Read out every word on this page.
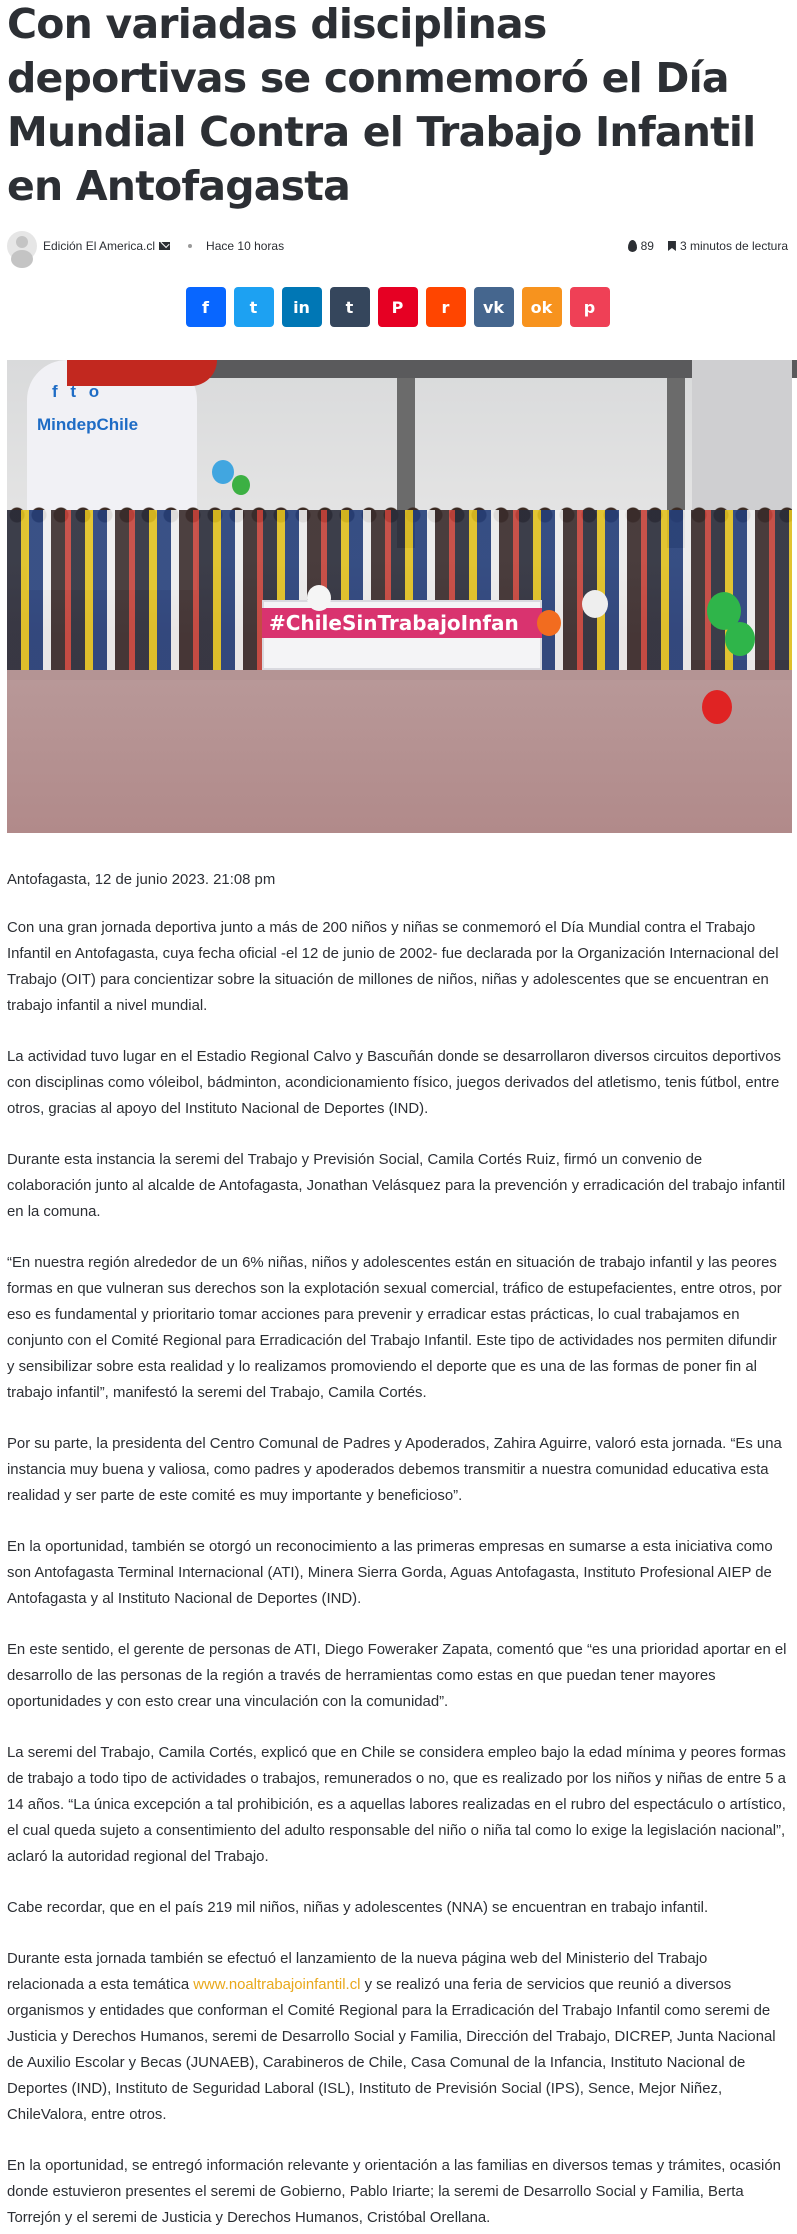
Con variadas disciplinas deportivas se conmemoró el Día Mundial Contra el Trabajo Infantil en Antofagasta
Edición El America.cl	Hace 10 horas	89 3 minutos de lectura
f	t in t P r vk ok p
f t o
MindepChile
#ChileSinTrabajoInfan

Antofagasta, 12 de junio 2023. 21:08 pm

Con una gran jornada deportiva junto a más de 200 niños y niñas se conmemoró el Día Mundial contra el Trabajo Infantil en Antofagasta, cuya fecha oficial -el 12 de junio de 2002- fue declarada por la Organización Internacional del Trabajo (OIT) para concientizar sobre la situación de millones de niños, niñas y adolescentes que se encuentran en trabajo infantil a nivel mundial.

La actividad tuvo lugar en el Estadio Regional Calvo y Bascuñán donde se desarrollaron diversos circuitos deportivos con disciplinas como vóleibol, bádminton, acondicionamiento físico, juegos derivados del atletismo, tenis fútbol, entre otros, gracias al apoyo del Instituto Nacional de Deportes (IND).

Durante esta instancia la seremi del Trabajo y Previsión Social, Camila Cortés Ruiz, firmó un convenio de colaboración junto al alcalde de Antofagasta, Jonathan Velásquez para la prevención y erradicación del trabajo infantil en la comuna.

“En nuestra región alrededor de un 6% niñas, niños y adolescentes están en situación de trabajo infantil y las peores formas en que vulneran sus derechos son la explotación sexual comercial, tráfico de estupefacientes, entre otros, por eso es fundamental y prioritario tomar acciones para prevenir y erradicar estas prácticas, lo cual trabajamos en conjunto con el Comité Regional para Erradicación del Trabajo Infantil. Este tipo de actividades nos permiten difundir y sensibilizar sobre esta realidad y lo realizamos promoviendo el deporte que es una de las formas de poner fin al trabajo infantil”, manifestó la seremi del Trabajo, Camila Cortés.

Por su parte, la presidenta del Centro Comunal de Padres y Apoderados, Zahira Aguirre, valoró esta jornada. “Es una instancia muy buena y valiosa, como padres y apoderados debemos transmitir a nuestra comunidad educativa esta realidad y ser parte de este comité es muy importante y beneficioso”.

En la oportunidad, también se otorgó un reconocimiento a las primeras empresas en sumarse a esta iniciativa como son Antofagasta Terminal Internacional (ATI), Minera Sierra Gorda, Aguas Antofagasta, Instituto Profesional AIEP de Antofagasta y al Instituto Nacional de Deportes (IND).

En este sentido, el gerente de personas de ATI, Diego Foweraker Zapata, comentó que “es una prioridad aportar en el desarrollo de las personas de la región a través de herramientas como estas en que puedan tener mayores oportunidades y con esto crear una vinculación con la comunidad”.

La seremi del Trabajo, Camila Cortés, explicó que en Chile se considera empleo bajo la edad mínima y peores formas de trabajo a todo tipo de actividades o trabajos, remunerados o no, que es realizado por los niños y niñas de entre 5 a 14 años. “La única excepción a tal prohibición, es a aquellas labores realizadas en el rubro del espectáculo o artístico, el cual queda sujeto a consentimiento del adulto responsable del niño o niña tal como lo exige la legislación nacional”, aclaró la autoridad regional del Trabajo.

Cabe recordar, que en el país 219 mil niños, niñas y adolescentes (NNA) se encuentran en trabajo infantil.

Durante esta jornada también se efectuó el lanzamiento de la nueva página web del Ministerio del Trabajo relacionada a esta temática www.noaltrabajoinfantil.cl y se realizó una feria de servicios que reunió a diversos organismos y entidades que conforman el Comité Regional para la Erradicación del Trabajo Infantil como seremi de Justicia y Derechos Humanos, seremi de Desarrollo Social y Familia, Dirección del Trabajo, DICREP, Junta Nacional de Auxilio Escolar y Becas (JUNAEB), Carabineros de Chile, Casa Comunal de la Infancia, Instituto Nacional de Deportes (IND), Instituto de Seguridad Laboral (ISL), Instituto de Previsión Social (IPS), Sence, Mejor Niñez, ChileValora, entre otros.

En la oportunidad, se entregó información relevante y orientación a las familias en diversos temas y trámites, ocasión donde estuvieron presentes el seremi de Gobierno, Pablo Iriarte; la seremi de Desarrollo Social y Familia, Berta Torrejón y el seremi de Justicia y Derechos Humanos, Cristóbal Orellana.
